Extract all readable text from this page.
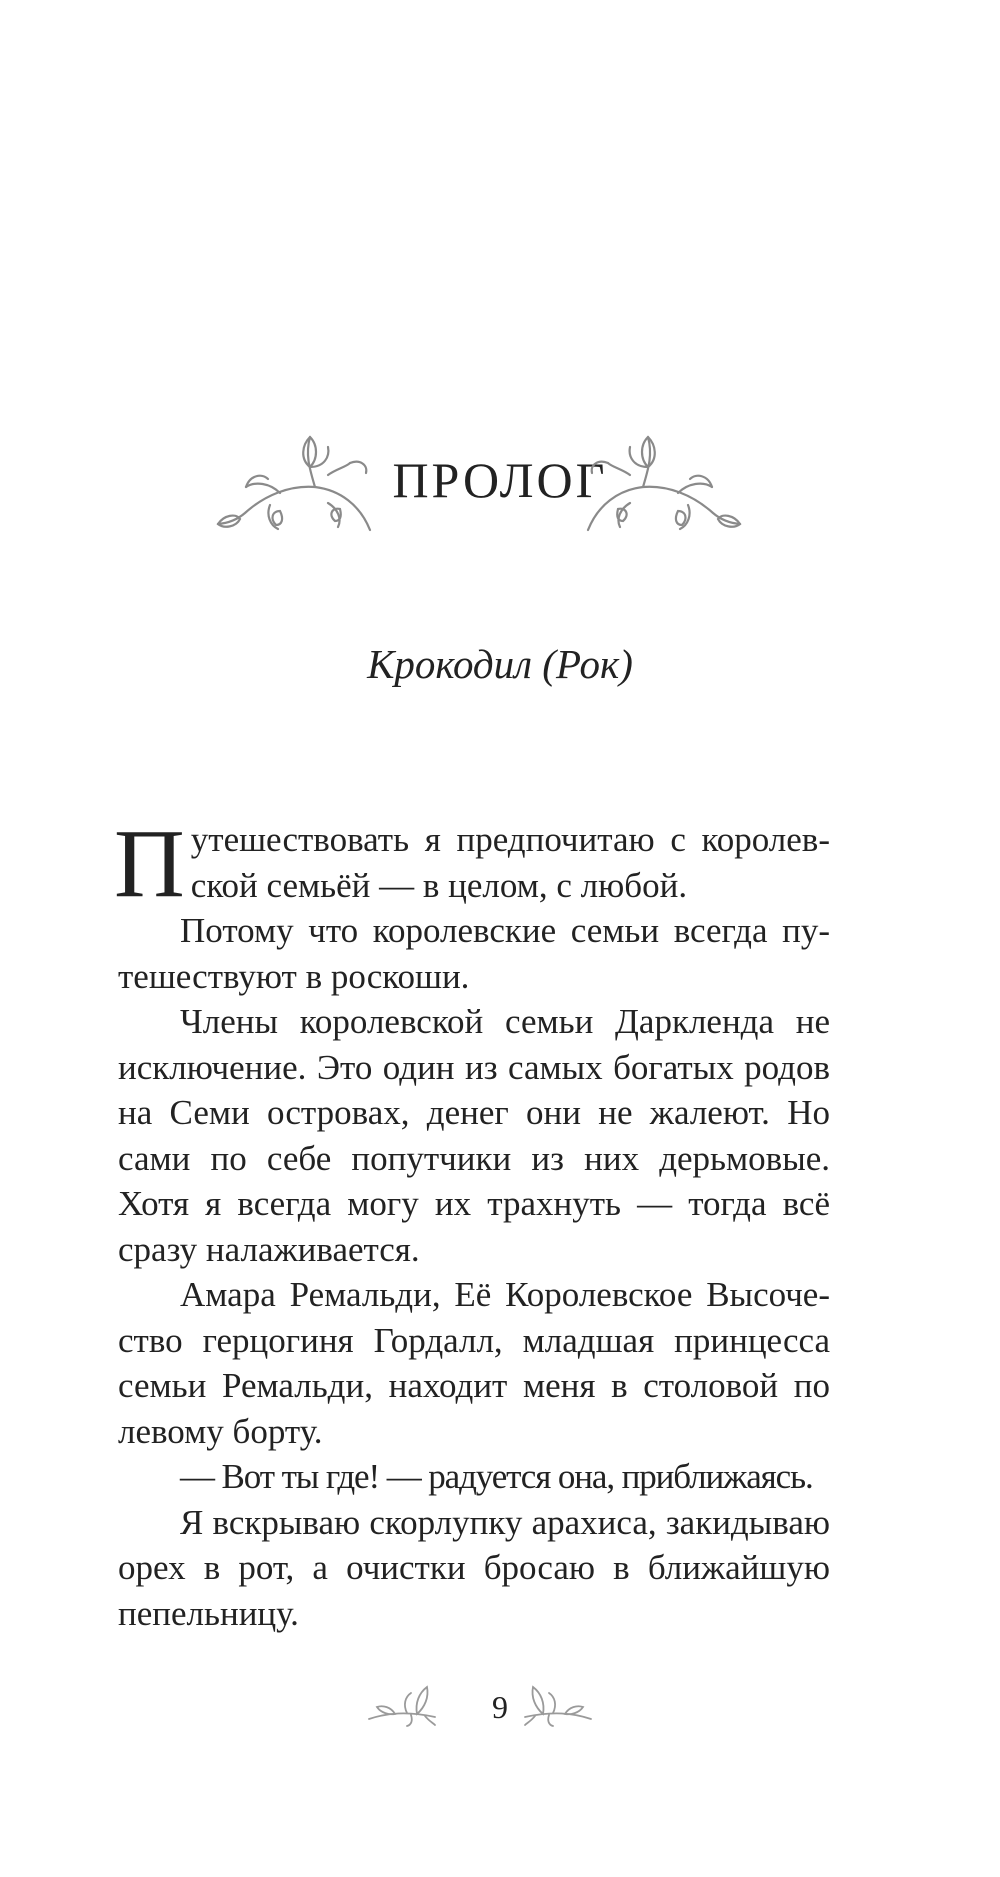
ПРОЛОГ
Крокодил (Рок)

Путешествовать я предпочитаю с королевской семьёй — в целом, с любой.

Потому что королевские семьи всегда путешествуют в роскоши.

Члены королевской семьи Даркленда не исключение. Это один из самых богатых родов на Семи островах, денег они не жалеют. Но сами по себе попутчики из них дерьмовые. Хотя я всегда могу их трахнуть — тогда всё сразу налаживается.

Амара Ремальди, Её Королевское Высочество герцогиня Гордалл, младшая принцесса семьи Ремальди, находит меня в столовой по левому борту.

— Вот ты где! — радуется она, приближаясь.

Я вскрываю скорлупку арахиса, закидываю орех в рот, а очистки бросаю в ближайшую пепельницу.

9
